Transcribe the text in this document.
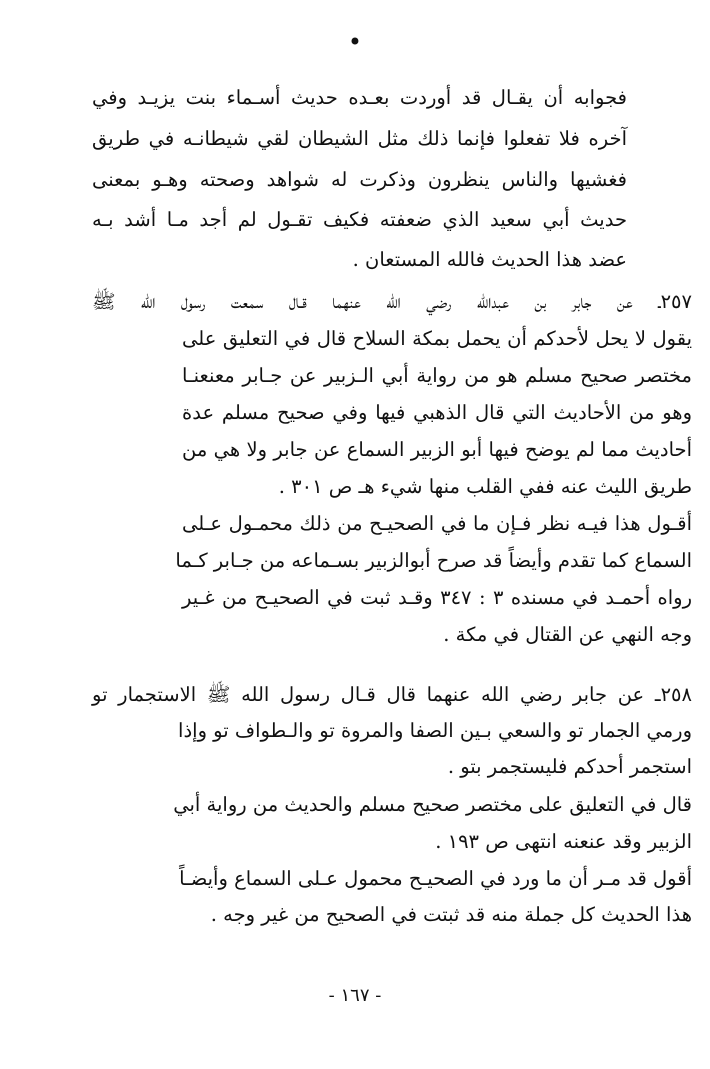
•
فجوابه أن يقـال قد أوردت بعـده حديث أسـماء بنت يزيـد وفي
آخره فلا تفعلوا فإنما ذلك مثل الشيطان لقي شيطانـه في طريق
فغشيها والناس ينظرون وذكرت له شواهد وصحته وهـو بمعنى
حديث أبي سعيد الذي ضعفته فكيف تقـول لم أجد مـا أشد بـه
عضد هذا الحديث فالله المستعان .
٢٥٧ـ عن جابر بن عبدالله رضي الله عنهما قـال سمعت رسول الله ﷺ
يقول لا يحل لأحدكم أن يحمل بمكة السلاح قال في التعليق على
مختصر صحيح مسلم هو من رواية أبي الـزبير عن جـابر معنعنـا
وهو من الأحاديث التي قال الذهبي فيها وفي صحيح مسلم عدة
أحاديث مما لم يوضح فيها أبو الزبير السماع عن جابر ولا هي من
طريق الليث عنه ففي القلب منها شيء هـ ص ٣٠١ .
أقـول هذا فيـه نظر فـإن ما في الصحيـح من ذلك محمـول عـلى
السماع كما تقدم وأيضاً قد صرح أبوالزبير بسـماعه من جـابر كـما
رواه أحمـد في مسنده ٣ : ٣٤٧ وقـد ثبت في الصحيـح من غـير
وجه النهي عن القتال في مكة .
٢٥٨ـ عن جابر رضي الله عنهما قال قـال رسول الله ﷺ الاستجمار تو
ورمي الجمار تو والسعي بـين الصفا والمروة تو والـطواف تو وإذا
استجمر أحدكم فليستجمر بتو .
قال في التعليق على مختصر صحيح مسلم والحديث من رواية أبي
الزبير وقد عنعنه انتهى ص ١٩٣ .
أقول قد مـر أن ما ورد في الصحيـح محمول عـلى السماع وأيضـاً
هذا الحديث كل جملة منه قد ثبتت في الصحيح من غير وجه .
- ١٦٧ -
